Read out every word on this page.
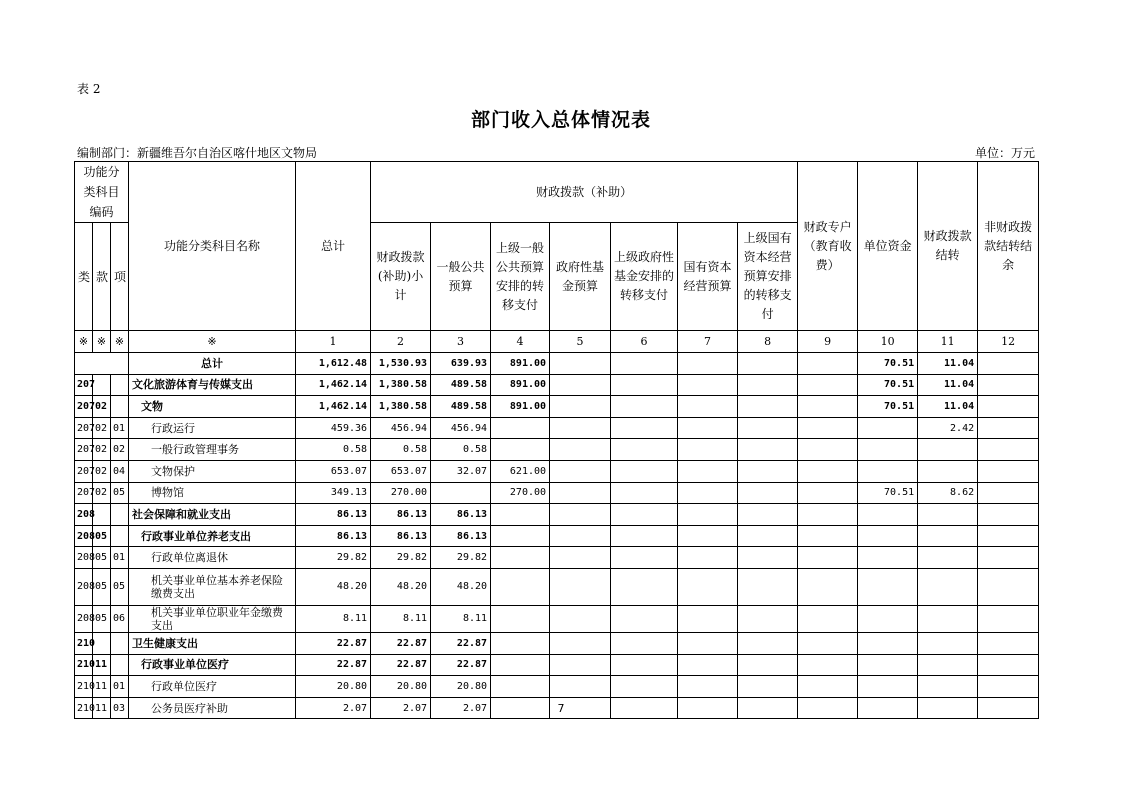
表 2
部门收入总体情况表
编制部门：新疆维吾尔自治区喀什地区文物局	单位：万元
功能分类科目编码			功能分类科目名称	总计	财政拨款（补助）							财政专户（教育收费）	单位资金	财政拨款结转	非财政拨款结转结余
类	款	项			财政拨款(补助)小计	一般公共预算	上级一般公共预算安排的转移支付	政府性基金预算	上级政府性基金安排的转移支付	国有资本经营预算	上级国有资本经营预算安排的转移支付				
※	※	※	※	1	2	3	4	5	6	7	8	9	10	11	12
			总计	1,612.48	1,530.93	639.93	891.00						70.51	11.04	
207			文化旅游体育与传媒支出	1,462.14	1,380.58	489.58	891.00						70.51	11.04	
207	02		文物	1,462.14	1,380.58	489.58	891.00						70.51	11.04	
207	02	01	行政运行	459.36	456.94	456.94								2.42	
207	02	02	一般行政管理事务	0.58	0.58	0.58									
207	02	04	文物保护	653.07	653.07	32.07	621.00								
207	02	05	博物馆	349.13	270.00		270.00						70.51	8.62	
208			社会保障和就业支出	86.13	86.13	86.13									
208	05		行政事业单位养老支出	86.13	86.13	86.13									
208	05	01	行政单位离退休	29.82	29.82	29.82									
208	05	05	机关事业单位基本养老保险缴费支出	48.20	48.20	48.20									
208	05	06	机关事业单位职业年金缴费支出	8.11	8.11	8.11									
210			卫生健康支出	22.87	22.87	22.87									
210	11		行政事业单位医疗	22.87	22.87	22.87									
210	11	01	行政单位医疗	20.80	20.80	20.80									
210	11	03	公务员医疗补助	2.07	2.07	2.07										7
